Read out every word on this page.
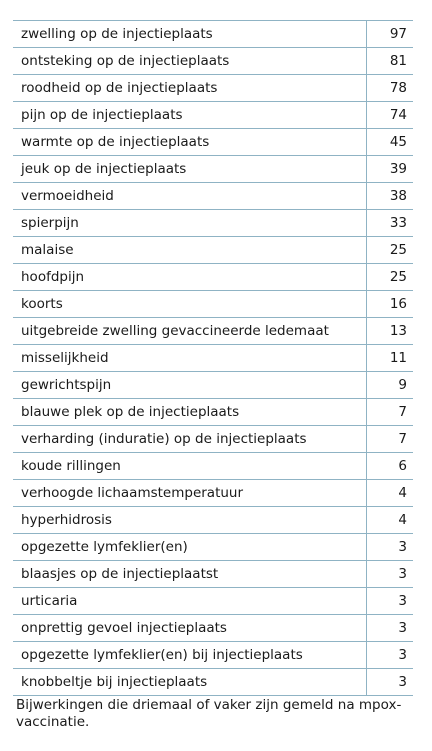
zwelling op de injectieplaats	97
ontsteking op de injectieplaats	81
roodheid op de injectieplaats	78
pijn op de injectieplaats	74
warmte op de injectieplaats	45
jeuk op de injectieplaats	39
vermoeidheid	38
spierpijn	33
malaise	25
hoofdpijn	25
koorts	16
uitgebreide zwelling gevaccineerde ledemaat	13
misselijkheid	11
gewrichtspijn	9
blauwe plek op de injectieplaats	7
verharding (induratie) op de injectieplaats	7
koude rillingen	6
verhoogde lichaamstemperatuur	4
hyperhidrosis	4
opgezette lymfeklier(en)	3
blaasjes op de injectieplaatst	3
urticaria	3
onprettig gevoel injectieplaats	3
opgezette lymfeklier(en) bij injectieplaats	3
knobbeltje bij injectieplaats	3
Bijwerkingen die driemaal of vaker zijn gemeld na mpox-vaccinatie.
